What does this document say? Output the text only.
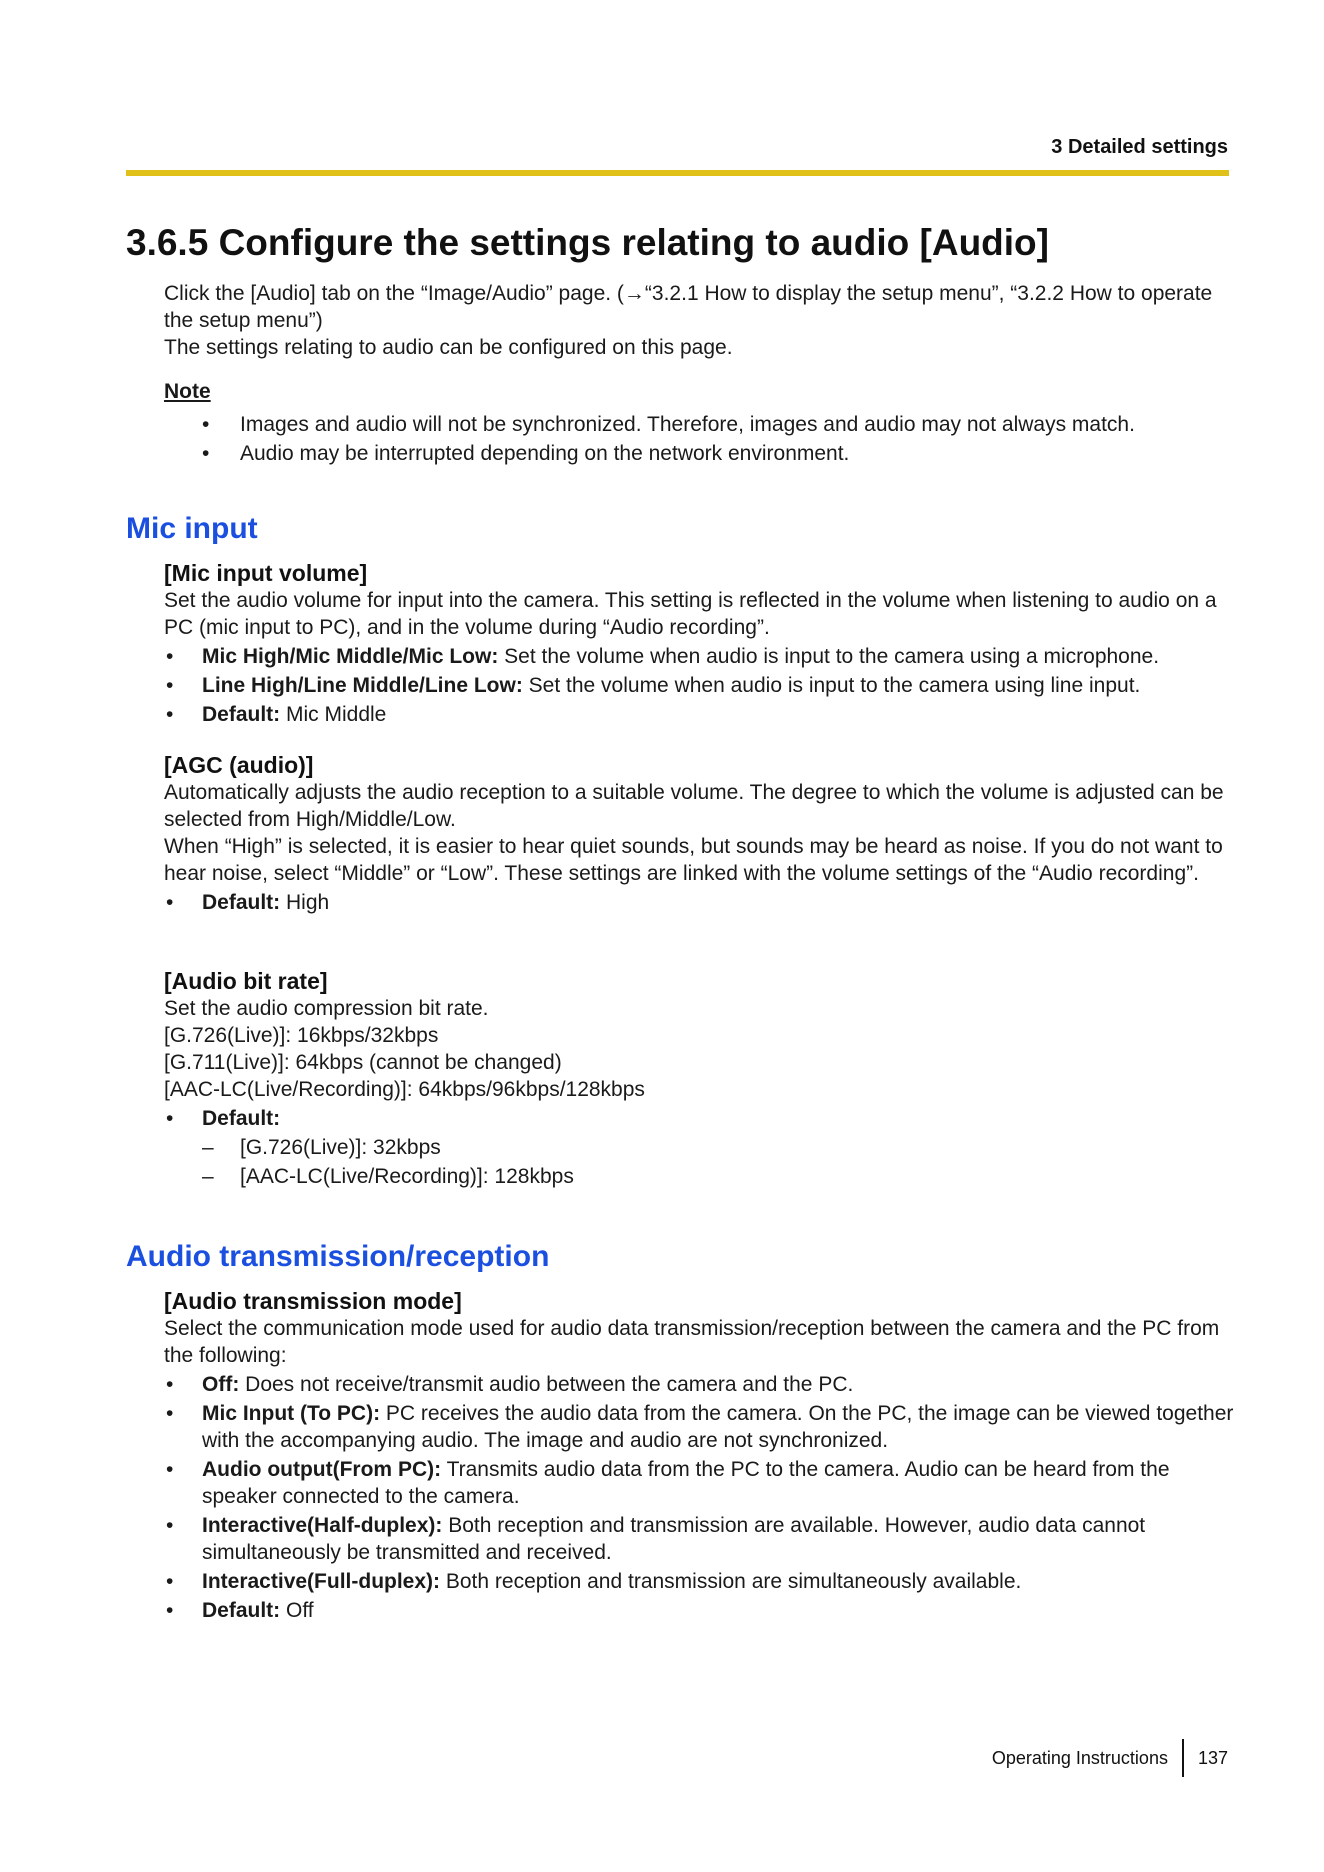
3 Detailed settings
3.6.5 Configure the settings relating to audio [Audio]

Click the [Audio] tab on the “Image/Audio” page. (→“3.2.1 How to display the setup menu”, “3.2.2 How to operate the setup menu”)

The settings relating to audio can be configured on this page.

Note

• Images and audio will not be synchronized. Therefore, images and audio may not always match.
• Audio may be interrupted depending on the network environment.
Mic input

[Mic input volume]

Set the audio volume for input into the camera. This setting is reflected in the volume when listening to audio on a PC (mic input to PC), and in the volume during “Audio recording”.

• Mic High/Mic Middle/Mic Low: Set the volume when audio is input to the camera using a microphone.
• Line High/Line Middle/Line Low: Set the volume when audio is input to the camera using line input.
• Default: Mic Middle

[AGC (audio)]

Automatically adjusts the audio reception to a suitable volume. The degree to which the volume is adjusted can be selected from High/Middle/Low.

When “High” is selected, it is easier to hear quiet sounds, but sounds may be heard as noise. If you do not want to hear noise, select “Middle” or “Low”. These settings are linked with the volume settings of the “Audio recording”.

• Default: High

[Audio bit rate]

Set the audio compression bit rate.

[G.726(Live)]: 16kbps/32kbps

[G.711(Live)]: 64kbps (cannot be changed)

[AAC-LC(Live/Recording)]: 64kbps/96kbps/128kbps

• Default:
– [G.726(Live)]: 32kbps
– [AAC-LC(Live/Recording)]: 128kbps
Audio transmission/reception

[Audio transmission mode]

Select the communication mode used for audio data transmission/reception between the camera and the PC from the following:

• Off: Does not receive/transmit audio between the camera and the PC.
• Mic Input (To PC): PC receives the audio data from the camera. On the PC, the image can be viewed together with the accompanying audio. The image and audio are not synchronized.
• Audio output(From PC): Transmits audio data from the PC to the camera. Audio can be heard from the speaker connected to the camera.
• Interactive(Half-duplex): Both reception and transmission are available. However, audio data cannot simultaneously be transmitted and received.
• Interactive(Full-duplex): Both reception and transmission are simultaneously available.
• Default: Off
Operating Instructions 137
